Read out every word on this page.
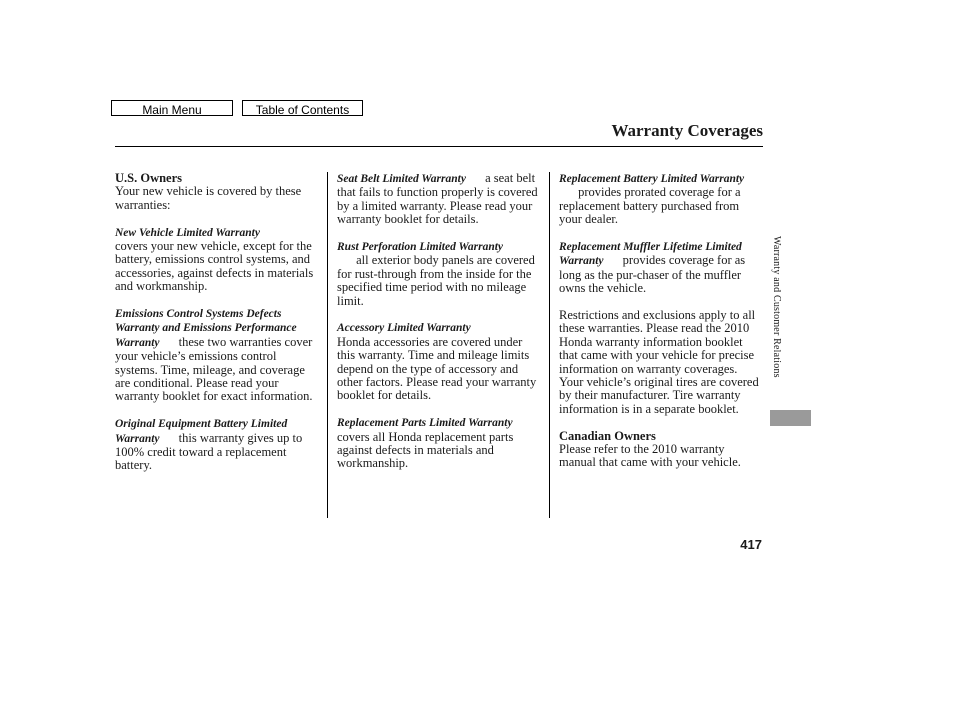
Main Menu	Table of Contents
Warranty Coverages

U.S. Owners
Your new vehicle is covered by these warranties:

New Vehicle Limited Warranty
covers your new vehicle, except for the battery, emissions control systems, and accessories, against defects in materials and workmanship.

Emissions Control Systems Defects Warranty and Emissions Performance Warranty these two warranties cover your vehicle’s emissions control systems. Time, mileage, and coverage are conditional. Please read your warranty booklet for exact information.

Original Equipment Battery Limited Warranty this warranty gives up to 100% credit toward a replacement battery.

Seat Belt Limited Warranty a seat belt that fails to function properly is covered by a limited warranty. Please read your warranty booklet for details.

Rust Perforation Limited Warranty
all exterior body panels are covered for rust-through from the inside for the specified time period with no mileage limit.

Accessory Limited Warranty
Honda accessories are covered under this warranty. Time and mileage limits depend on the type of accessory and other factors. Please read your warranty booklet for details.

Replacement Parts Limited Warranty covers all Honda replacement parts against defects in materials and workmanship.

Replacement Battery Limited Warranty provides prorated coverage for a replacement battery purchased from your dealer.

Replacement Muffler Lifetime Limited Warranty provides coverage for as long as the pur-chaser of the muffler owns the vehicle.

Restrictions and exclusions apply to all these warranties. Please read the 2010 Honda warranty information booklet that came with your vehicle for precise information on warranty coverages. Your vehicle’s original tires are covered by their manufacturer. Tire warranty information is in a separate booklet.

Canadian Owners
Please refer to the 2010 warranty manual that came with your vehicle.

Warranty and Customer Relations
417
